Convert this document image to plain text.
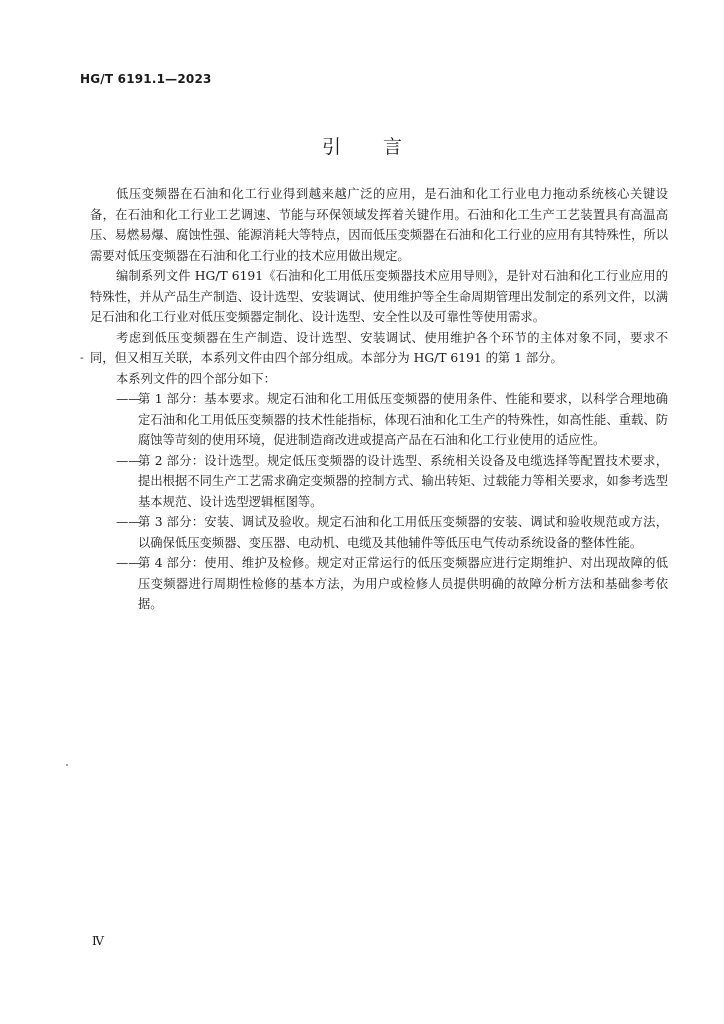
HG/T 6191.1—2023
引言

低压变频器在石油和化工行业得到越来越广泛的应用，是石油和化工行业电力拖动系统核心关键设备，在石油和化工行业工艺调速、节能与环保领域发挥着关键作用。石油和化工生产工艺装置具有高温高压、易燃易爆、腐蚀性强、能源消耗大等特点，因而低压变频器在石油和化工行业的应用有其特殊性，所以需要对低压变频器在石油和化工行业的技术应用做出规定。

编制系列文件 HG/T 6191《石油和化工用低压变频器技术应用导则》，是针对石油和化工行业应用的特殊性，并从产品生产制造、设计选型、安装调试、使用维护等全生命周期管理出发制定的系列文件，以满足石油和化工行业对低压变频器定制化、设计选型、安全性以及可靠性等使用需求。

考虑到低压变频器在生产制造、设计选型、安装调试、使用维护各个环节的主体对象不同，要求不同，但又相互关联，本系列文件由四个部分组成。本部分为 HG/T 6191 的第 1 部分。

本系列文件的四个部分如下：

——
第 1 部分：基本要求。规定石油和化工用低压变频器的使用条件、性能和要求，以科学合理地确定石油和化工用低压变频器的技术性能指标，体现石油和化工生产的特殊性，如高性能、重载、防腐蚀等苛刻的使用环境，促进制造商改进或提高产品在石油和化工行业使用的适应性。
——
第 2 部分：设计选型。规定低压变频器的设计选型、系统相关设备及电缆选择等配置技术要求，提出根据不同生产工艺需求确定变频器的控制方式、输出转矩、过载能力等相关要求，如参考选型基本规范、设计选型逻辑框图等。
——
第 3 部分：安装、调试及验收。规定石油和化工用低压变频器的安装、调试和验收规范或方法，以确保低压变频器、变压器、电动机、电缆及其他辅件等低压电气传动系统设备的整体性能。
——
第 4 部分：使用、维护及检修。规定对正常运行的低压变频器应进行定期维护、对出现故障的低压变频器进行周期性检修的基本方法，为用户或检修人员提供明确的故障分析方法和基础参考依据。
-
Ⅳ
